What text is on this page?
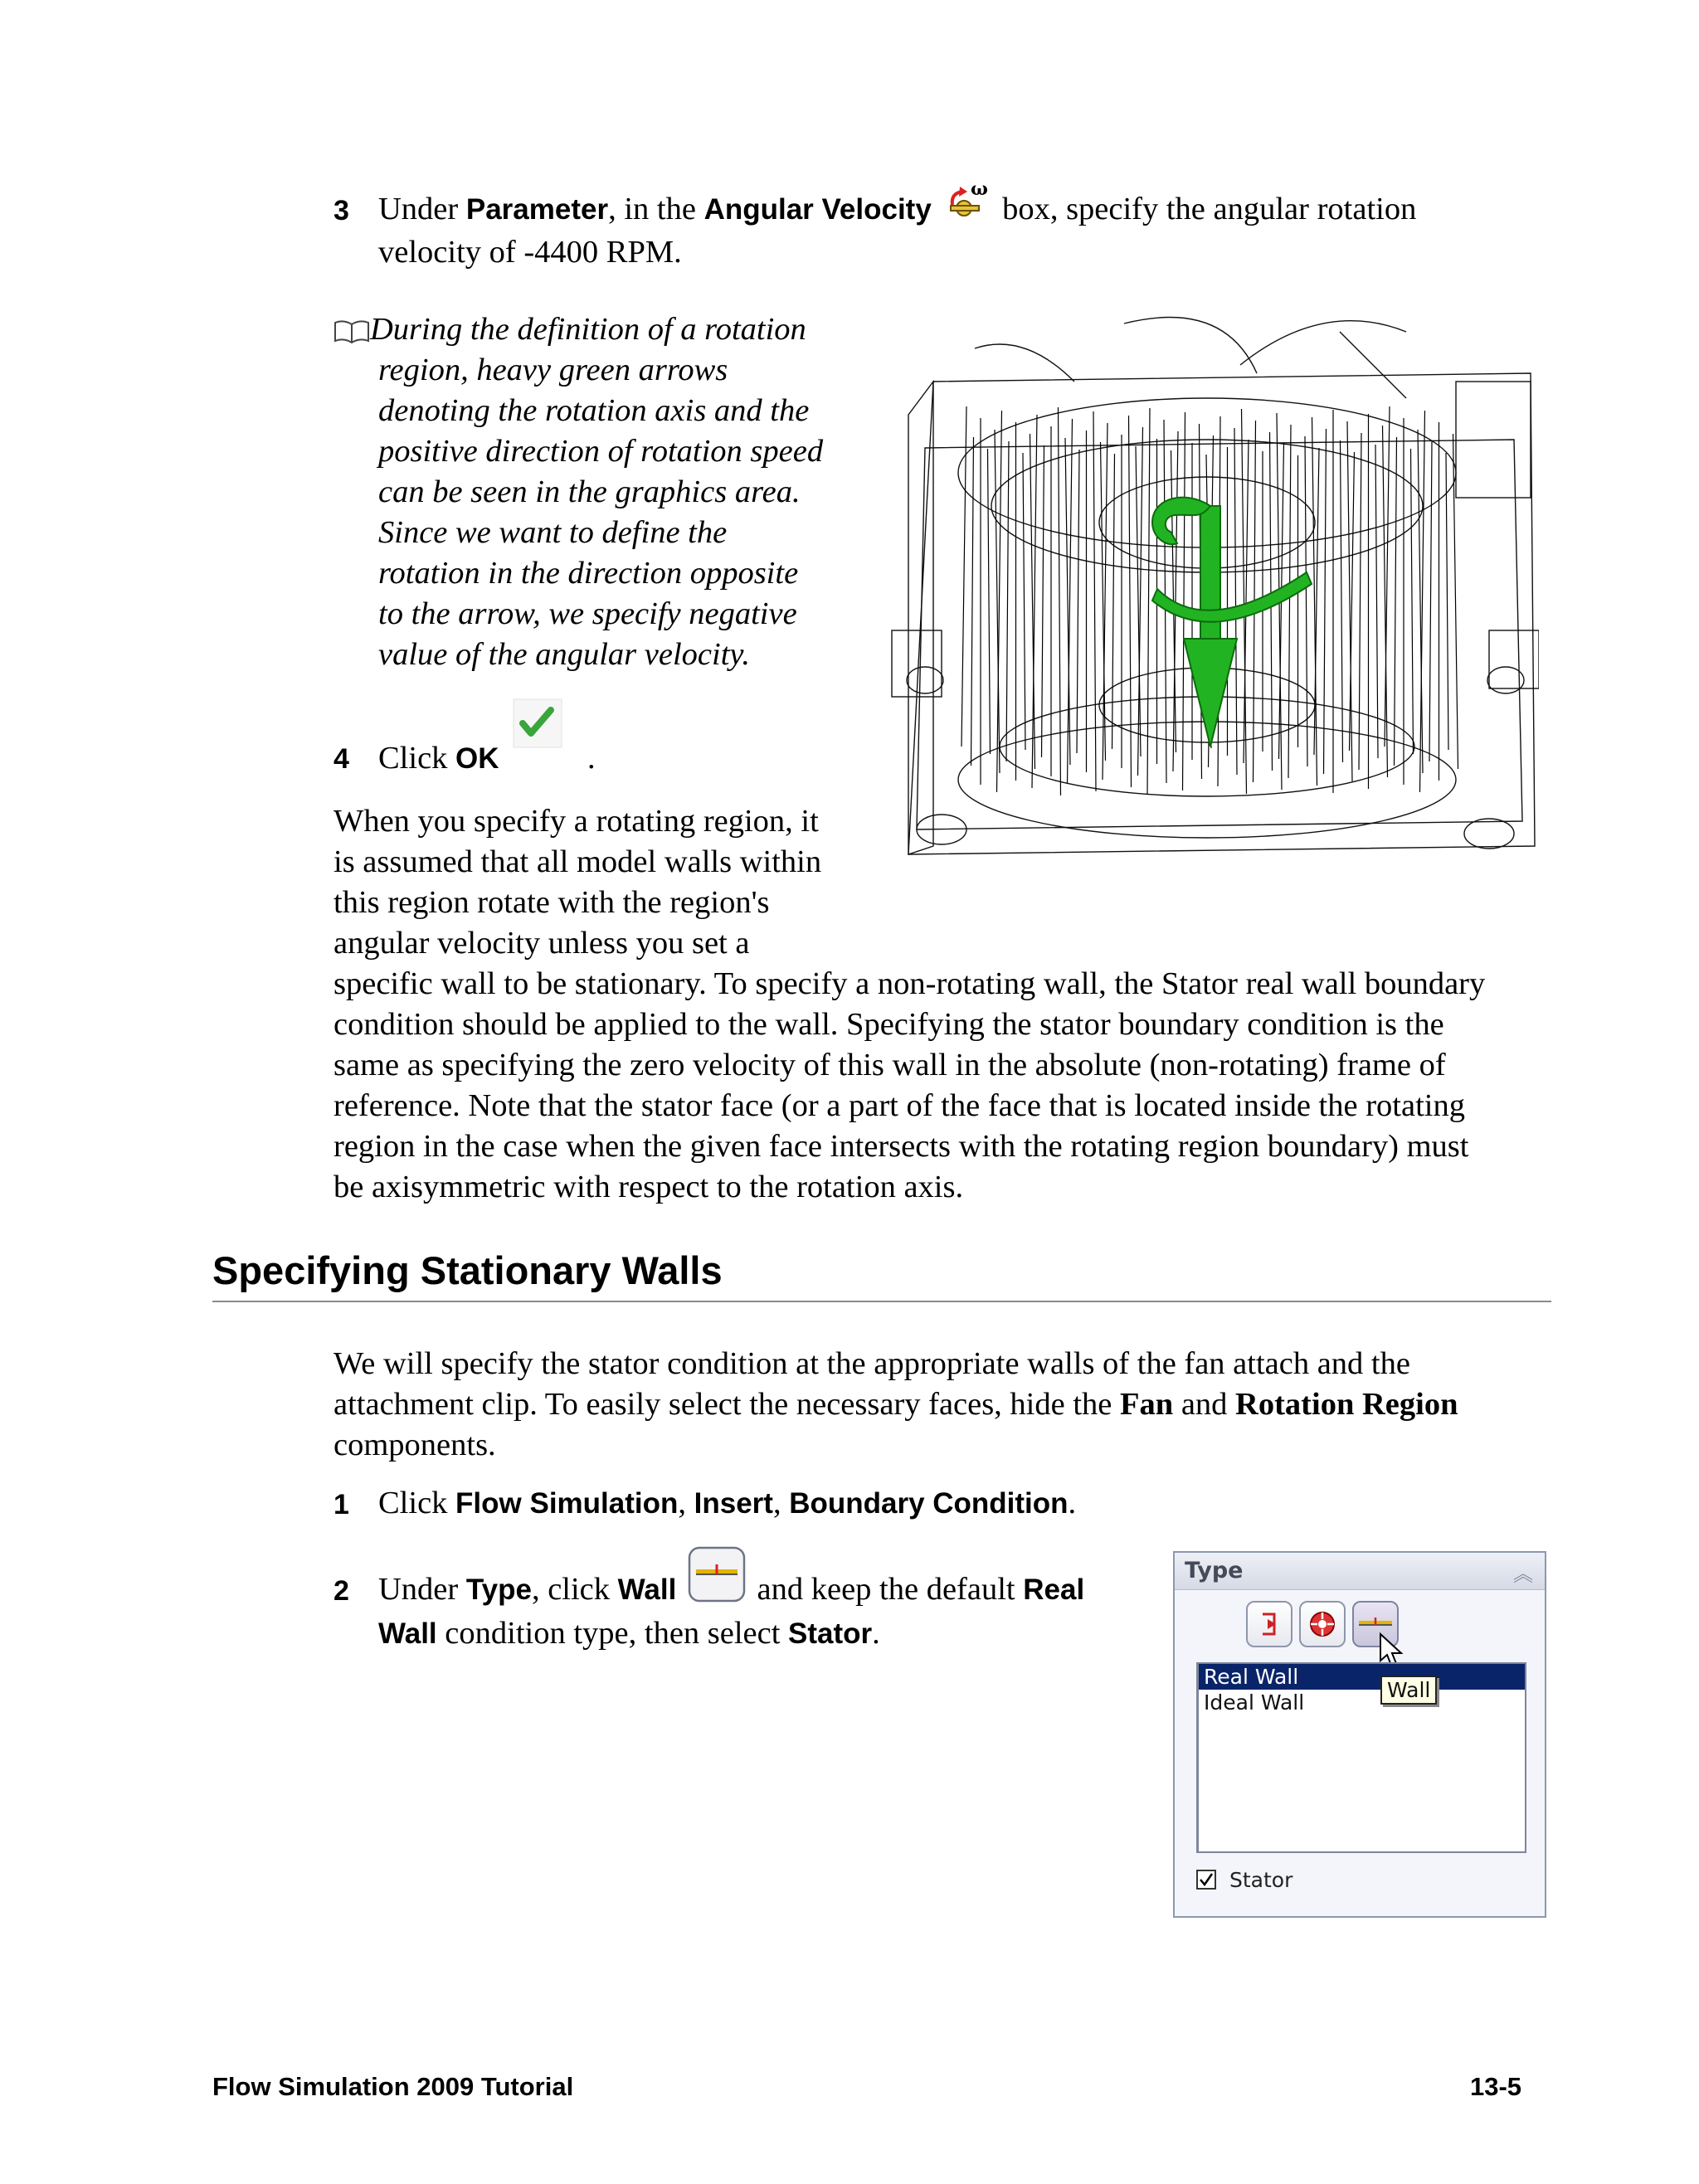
3 Under Parameter, in the Angular Velocity
ω
box, specify the angular rotation
velocity of -4400 RPM.
During the definition of a rotation
region, heavy green arrows
denoting the rotation axis and the
positive direction of rotation speed
can be seen in the graphics area.
Since we want to define the
rotation in the direction opposite
to the arrow, we specify negative
value of the angular velocity.
4 Click OK	.
When you specify a rotating region, it
is assumed that all model walls within
this region rotate with the region's
angular velocity unless you set a
specific wall to be stationary. To specify a non-rotating wall, the Stator real wall boundary
condition should be applied to the wall. Specifying the stator boundary condition is the
same as specifying the zero velocity of this wall in the absolute (non-rotating) frame of
reference. Note that the stator face (or a part of the face that is located inside the rotating
region in the case when the given face intersects with the rotating region boundary) must
be axisymmetric with respect to the rotation axis.
Specifying Stationary Walls
We will specify the stator condition at the appropriate walls of the fan attach and the
attachment clip. To easily select the necessary faces, hide the Fan and Rotation Region
components.
1 Click Flow Simulation, Insert, Boundary Condition.
2 Under Type, click Wall  and keep the default Real
Wall condition type, then select Stator.
Type	︽
Real Wall
Ideal Wall
Wall
Stator
Flow Simulation 2009 Tutorial	13-5
